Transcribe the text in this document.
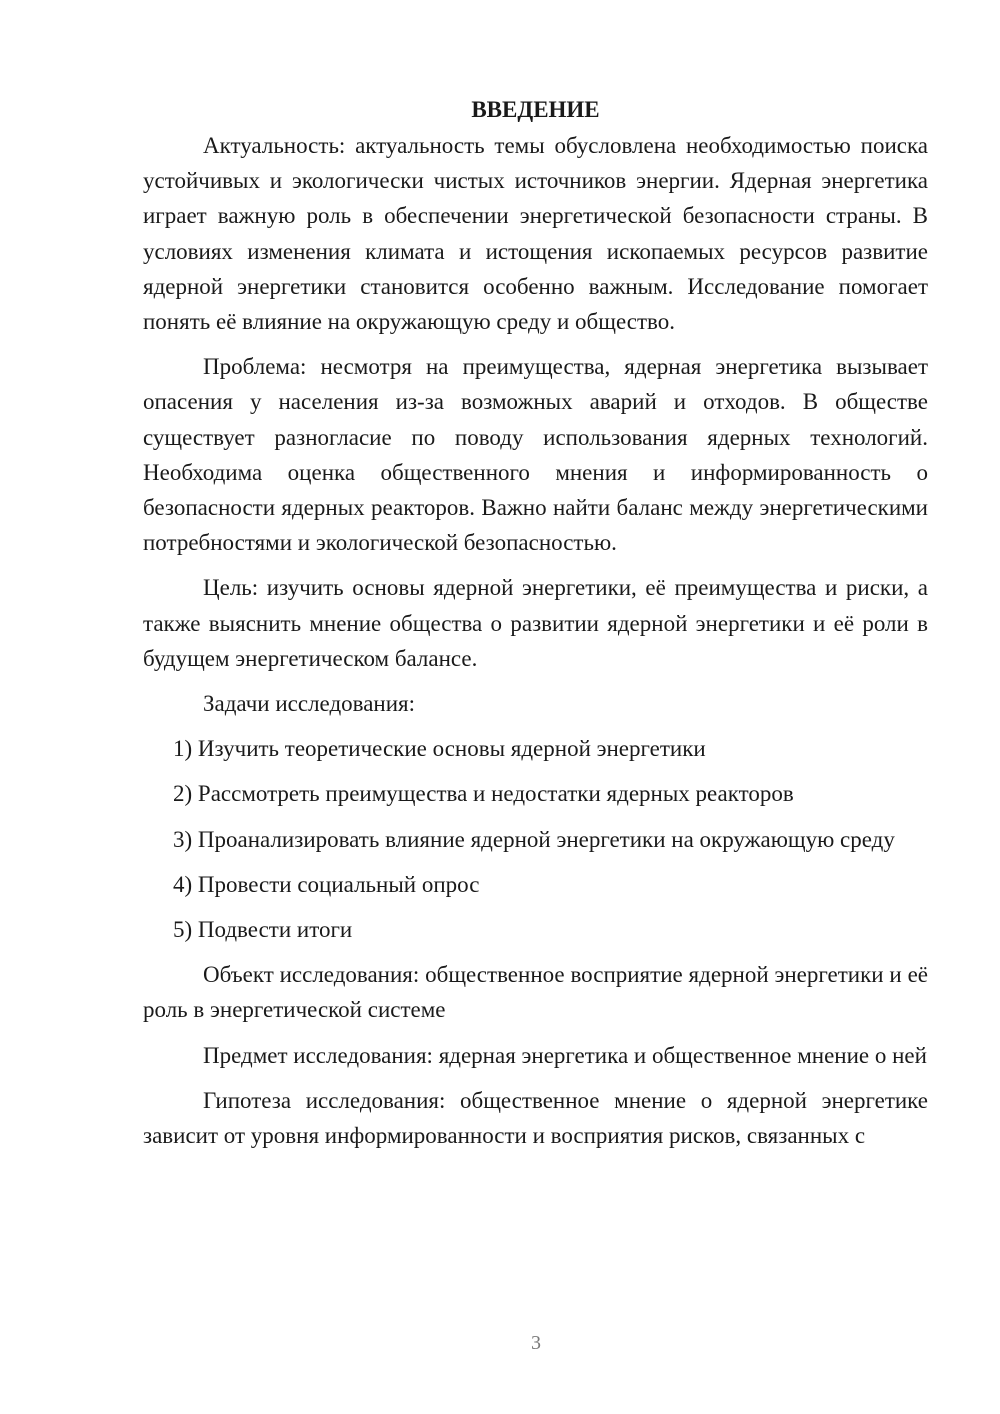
ВВЕДЕНИЕ

Актуальность: актуальность темы обусловлена необходимостью поиска устойчивых и экологически чистых источников энергии. Ядерная энергетика играет важную роль в обеспечении энергетической безопасности страны. В условиях изменения климата и истощения ископаемых ресурсов развитие ядерной энергетики становится особенно важным. Исследование помогает понять её влияние на окружающую среду и общество.

Проблема: несмотря на преимущества, ядерная энергетика вызывает опасения у населения из-за возможных аварий и отходов. В обществе существует разногласие по поводу использования ядерных технологий. Необходима оценка общественного мнения и информированность о безопасности ядерных реакторов. Важно найти баланс между энергетическими потребностями и экологической безопасностью.

Цель: изучить основы ядерной энергетики, её преимущества и риски, а также выяснить мнение общества о развитии ядерной энергетики и её роли в будущем энергетическом балансе.

Задачи исследования:

1) Изучить теоретические основы ядерной энергетики

2) Рассмотреть преимущества и недостатки ядерных реакторов

3) Проанализировать влияние ядерной энергетики на окружающую среду

4) Провести социальный опрос

5) Подвести итоги

Объект исследования: общественное восприятие ядерной энергетики и её роль в энергетической системе

Предмет исследования: ядерная энергетика и общественное мнение о ней

Гипотеза исследования: общественное мнение о ядерной энергетике зависит от уровня информированности и восприятия рисков, связанных с

3
